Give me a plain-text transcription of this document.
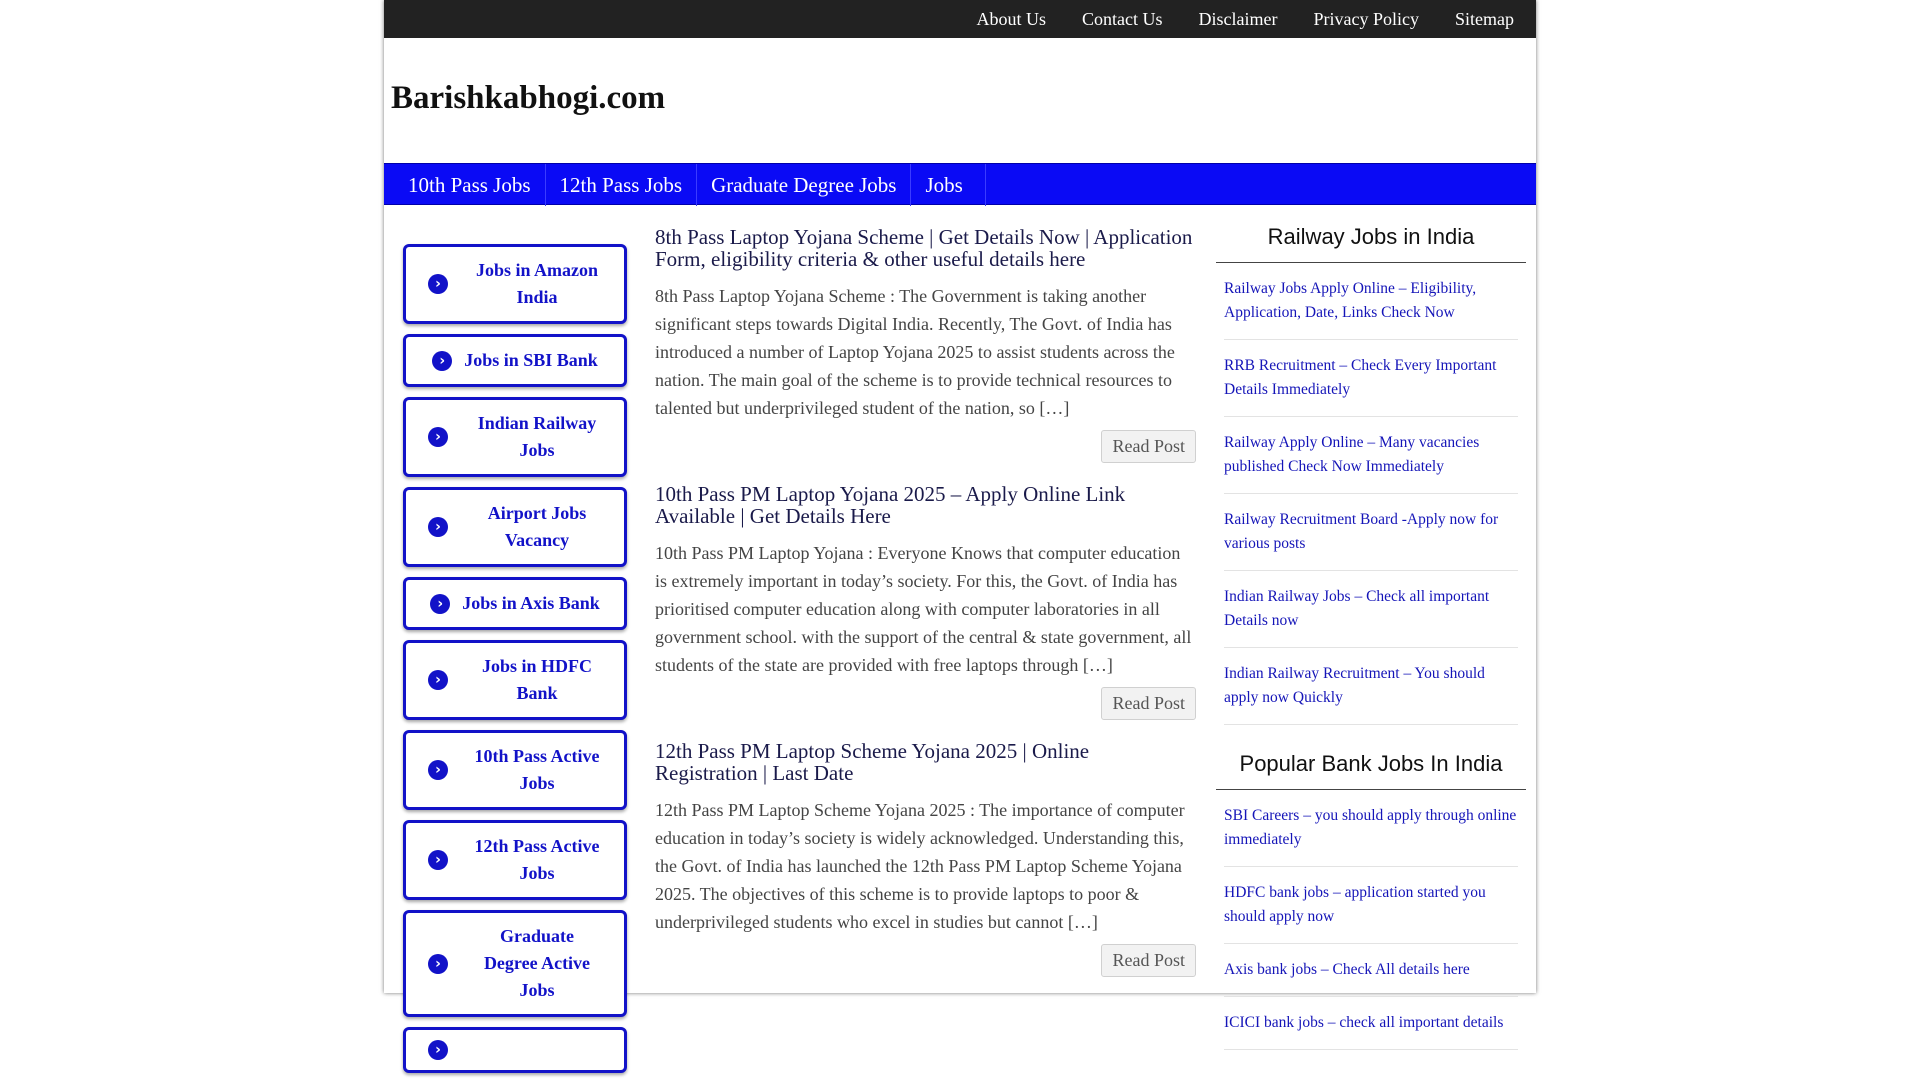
About Us Contact Us Disclaimer Privacy Policy Sitemap
Barishkabhogi.com
10th Pass Jobs	12th Pass Jobs	Graduate Degree Jobs	Jobs
›
Jobs in Amazon India
›	Jobs in SBI Bank
›
Indian Railway Jobs
›
Airport Jobs Vacancy
›	Jobs in Axis Bank
›
Jobs in HDFC Bank
›
10th Pass Active Jobs
›
12th Pass Active Jobs
›
Graduate Degree Active Jobs
›
8th Pass Laptop Yojana Scheme | Get Details Now | Application Form, eligibility criteria & other useful details here

8th Pass Laptop Yojana Scheme : The Government is taking another significant steps towards Digital India. Recently, The Govt. of India has introduced a number of Laptop Yojana 2025 to assist students across the nation. The main goal of the scheme is to provide technical resources to talented but underprivileged student of the nation, so […]

Read Post
10th Pass PM Laptop Yojana 2025 – Apply Online Link Available | Get Details Here

10th Pass PM Laptop Yojana : Everyone Knows that computer education is extremely important in today’s society. For this, the Govt. of India has prioritised computer education along with computer laboratories in all government school. with the support of the central & state government, all students of the state are provided with free laptops through […]

Read Post
12th Pass PM Laptop Scheme Yojana 2025 | Online Registration | Last Date

12th Pass PM Laptop Scheme Yojana 2025 : The importance of computer education in today’s society is widely acknowledged. Understanding this, the Govt. of India has launched the 12th Pass PM Laptop Scheme Yojana 2025. The objectives of this scheme is to provide laptops to poor & underprivileged students who excel in studies but cannot […]

Read Post
Railway Jobs in India
Railway Jobs Apply Online – Eligibility, Application, Date, Links Check Now
RRB Recruitment – Check Every Important Details Immediately
Railway Apply Online – Many vacancies published Check Now Immediately
Railway Recruitment Board -Apply now for various posts
Indian Railway Jobs – Check all important Details now
Indian Railway Recruitment – You should apply now Quickly
Popular Bank Jobs In India
SBI Careers – you should apply through online immediately
HDFC bank jobs – application started you should apply now
Axis bank jobs – Check All details here
ICICI bank jobs – check all important details
